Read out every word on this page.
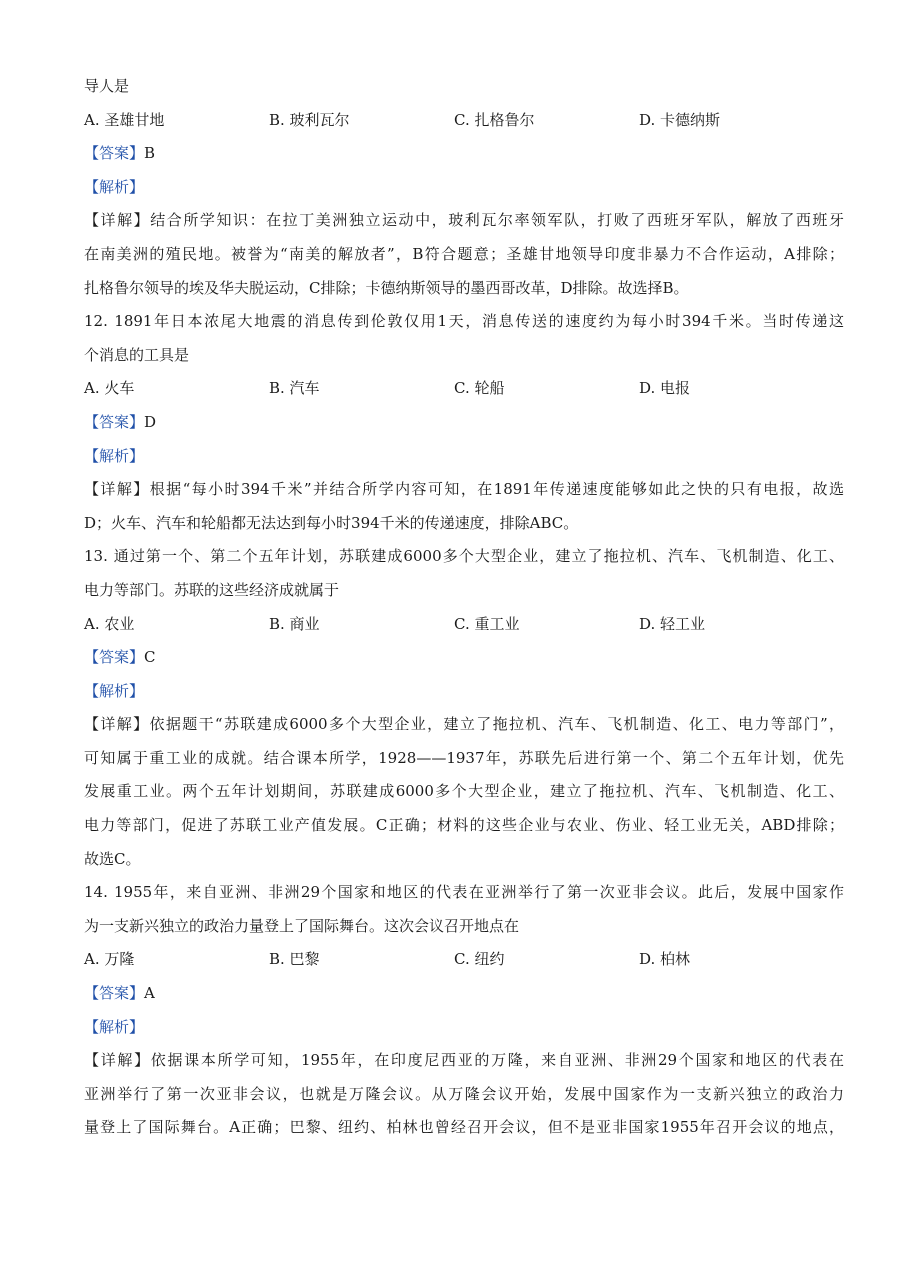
导人是
A. 圣雄甘地	B. 玻利瓦尔	C. 扎格鲁尔	D. 卡德纳斯
【答案】B
【解析】
【详解】结合所学知识：在拉丁美洲独立运动中，玻利瓦尔率领军队，打败了西班牙军队，解放了西班牙
在南美洲的殖民地。被誉为“南美的解放者”，B符合题意；圣雄甘地领导印度非暴力不合作运动，A排除；
扎格鲁尔领导的埃及华夫脱运动，C排除；卡德纳斯领导的墨西哥改革，D排除。故选择B。
12. 1891年日本浓尾大地震的消息传到伦敦仅用1天，消息传送的速度约为每小时394千米。当时传递这
个消息的工具是
A. 火车	B. 汽车	C. 轮船	D. 电报
【答案】D
【解析】
【详解】根据“每小时394千米”并结合所学内容可知，在1891年传递速度能够如此之快的只有电报，故选
D；火车、汽车和轮船都无法达到每小时394千米的传递速度，排除ABC。
13. 通过第一个、第二个五年计划，苏联建成6000多个大型企业，建立了拖拉机、汽车、飞机制造、化工、
电力等部门。苏联的这些经济成就属于
A. 农业	B. 商业	C. 重工业	D. 轻工业
【答案】C
【解析】
【详解】依据题干“苏联建成6000多个大型企业，建立了拖拉机、汽车、飞机制造、化工、电力等部门”，
可知属于重工业的成就。结合课本所学，1928——1937年，苏联先后进行第一个、第二个五年计划，优先
发展重工业。两个五年计划期间，苏联建成6000多个大型企业，建立了拖拉机、汽车、飞机制造、化工、
电力等部门，促进了苏联工业产值发展。C正确；材料的这些企业与农业、伤业、轻工业无关，ABD排除；
故选C。
14. 1955年，来自亚洲、非洲29个国家和地区的代表在亚洲举行了第一次亚非会议。此后，发展中国家作
为一支新兴独立的政治力量登上了国际舞台。这次会议召开地点在
A. 万隆	B. 巴黎	C. 纽约	D. 柏林
【答案】A
【解析】
【详解】依据课本所学可知，1955年，在印度尼西亚的万隆，来自亚洲、非洲29个国家和地区的代表在
亚洲举行了第一次亚非会议，也就是万隆会议。从万隆会议开始，发展中国家作为一支新兴独立的政治力
量登上了国际舞台。A正确；巴黎、纽约、柏林也曾经召开会议，但不是亚非国家1955年召开会议的地点，
